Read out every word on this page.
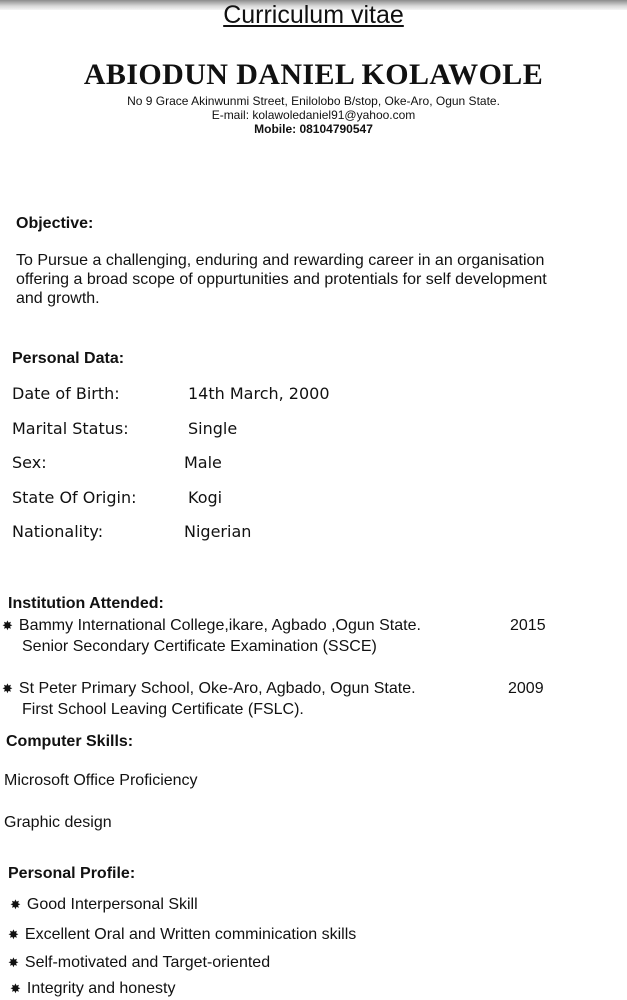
Curriculum vitae
ABIODUN DANIEL KOLAWOLE
No 9 Grace Akinwunmi Street, Enilolobo B/stop, Oke-Aro, Ogun State.
E-mail: kolawoledaniel91@yahoo.com
Mobile: 08104790547
Objective:
To Pursue a challenging, enduring and rewarding career in an organisation
offering a broad scope of oppurtunities and protentials for self development
and growth.
Personal Data:
Date of Birth:	14th March, 2000
Marital Status:	Single
Sex:	Male
State Of Origin:	Kogi
Nationality:	Nigerian
Institution Attended:
✸ Bammy International College,ikare, Agbado ,Ogun State.	2015
Senior Secondary Certificate Examination (SSCE)
✸ St Peter Primary School, Oke-Aro, Agbado, Ogun State.	2009
First School Leaving Certificate (FSLC).
Computer Skills:
Microsoft Office Proficiency
Graphic design
Personal Profile:
✸ Good Interpersonal Skill
✸ Excellent Oral and Written comminication skills
✸ Self-motivated and Target-oriented
✸ Integrity and honesty
